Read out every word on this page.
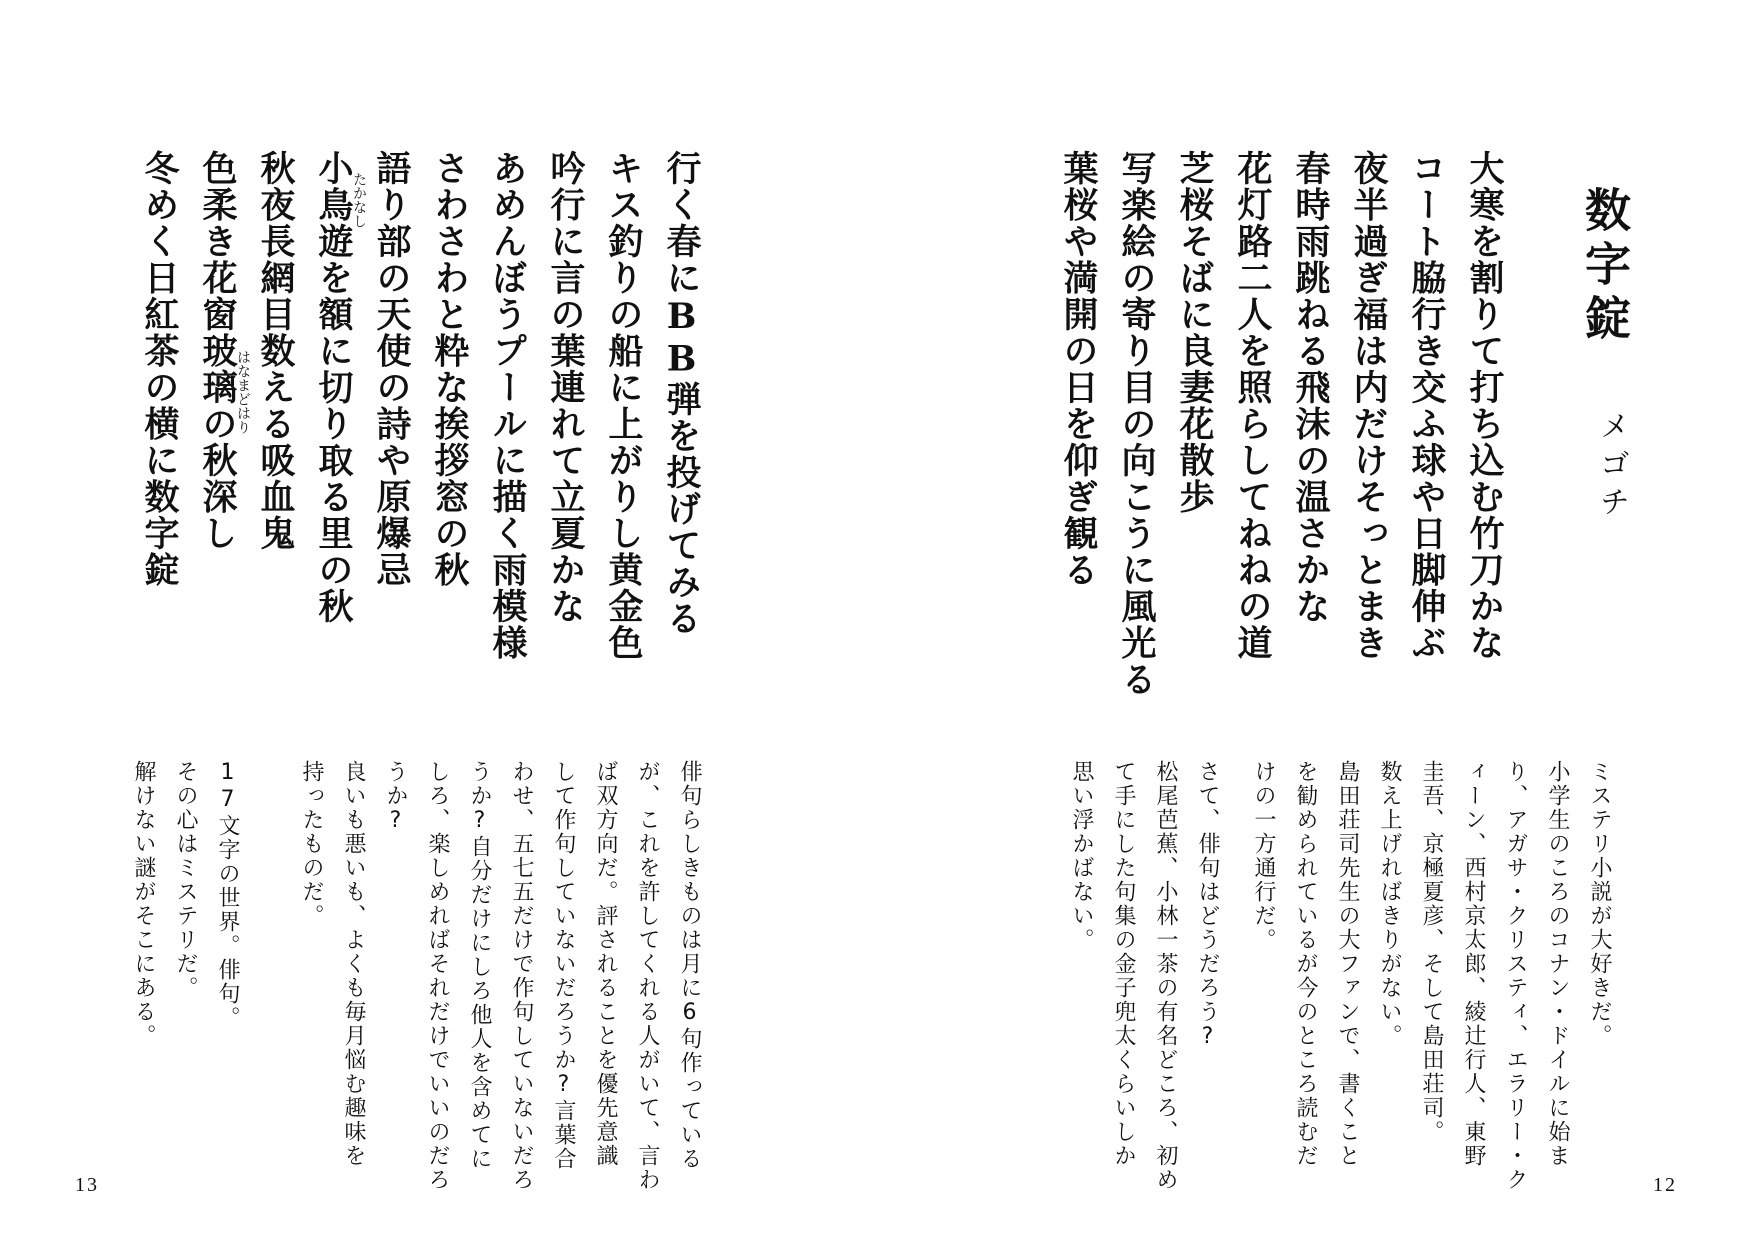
数字錠
メゴチ
大寒を割りて打ち込む竹刀かな
コート脇行き交ふ球や日脚伸ぶ
夜半過ぎ福は内だけそっとまき
春時雨跳ねる飛沫の温さかな
花灯路二人を照らしてねねの道
芝桜そばに良妻花散歩
写楽絵の寄り目の向こうに風光る
葉桜や満開の日を仰ぎ観る
行く春にBB弾を投げてみる
キス釣りの船に上がりし黄金色
吟行に言の葉連れて立夏かな
あめんぼうプールに描く雨模様
さわさわと粋な挨拶窓の秋
語り部の天使の詩や原爆忌
たかなし
小鳥遊を額に切り取る里の秋
秋夜長網目数える吸血鬼
はなまどはり
色柔き花窗玻璃の秋深し
冬めく日紅茶の横に数字錠
ミステリ小説が大好きだ。
小学生のころのコナン・ドイルに始ま
り、アガサ・クリスティ、エラリー・ク
ィーン、西村京太郎、綾辻行人、東野
圭吾、京極夏彦、そして島田荘司。
数え上げればきりがない。
島田荘司先生の大ファンで、書くこと
を勧められているが今のところ読むだ
けの一方通行だ。
さて、俳句はどうだろう?
松尾芭蕉、小林一茶の有名どころ、初め
て手にした句集の金子兜太くらいしか
思い浮かばない。
俳句らしきものは月に6句作っている
が、これを許してくれる人がいて、言わ
ば双方向だ。評されることを優先意識
して作句していないだろうか?言葉合
わせ、五七五だけで作句していないだろ
うか?自分だけにしろ他人を含めてに
しろ、楽しめればそれだけでいいのだろ
うか?
良いも悪いも、よくも毎月悩む趣味を
持ったものだ。
17文字の世界。俳句。
その心はミステリだ。
解けない謎がそこにある。
13	12
